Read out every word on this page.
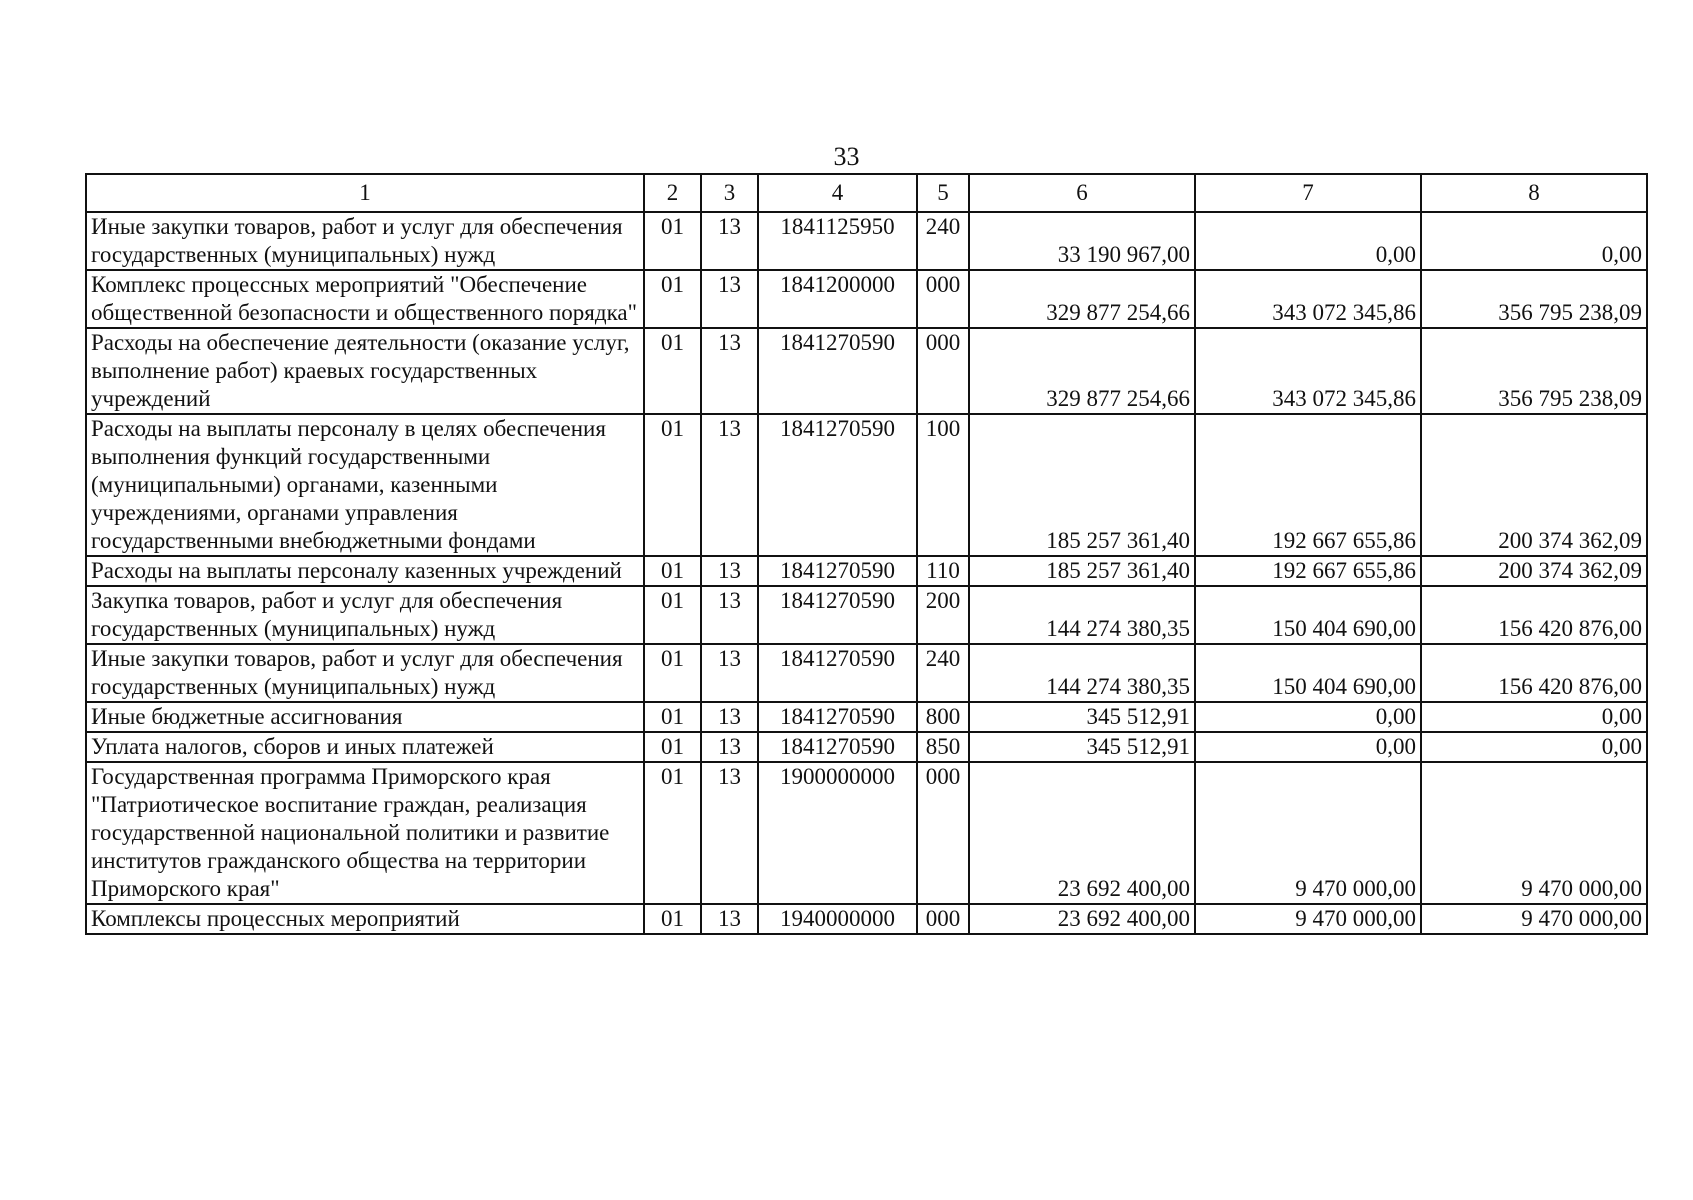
33
1	2	3	4	5	6	7	8
Иные закупки товаров, работ и услуг для обеспечения государственных (муниципальных) нужд	01	13	1841125950	240	33 190 967,00	0,00	0,00
Комплекс процессных мероприятий "Обеспечение общественной безопасности и общественного порядка"	01	13	1841200000	000	329 877 254,66	343 072 345,86	356 795 238,09
Расходы на обеспечение деятельности (оказание услуг, выполнение работ) краевых государственных учреждений	01	13	1841270590	000	329 877 254,66	343 072 345,86	356 795 238,09
Расходы на выплаты персоналу в целях обеспечения выполнения функций государственными (муниципальными) органами, казенными учреждениями, органами управления государственными внебюджетными фондами	01	13	1841270590	100	185 257 361,40	192 667 655,86	200 374 362,09
Расходы на выплаты персоналу казенных учреждений	01	13	1841270590	110	185 257 361,40	192 667 655,86	200 374 362,09
Закупка товаров, работ и услуг для обеспечения государственных (муниципальных) нужд	01	13	1841270590	200	144 274 380,35	150 404 690,00	156 420 876,00
Иные закупки товаров, работ и услуг для обеспечения государственных (муниципальных) нужд	01	13	1841270590	240	144 274 380,35	150 404 690,00	156 420 876,00
Иные бюджетные ассигнования	01	13	1841270590	800	345 512,91	0,00	0,00
Уплата налогов, сборов и иных платежей	01	13	1841270590	850	345 512,91	0,00	0,00
Государственная программа Приморского края "Патриотическое воспитание граждан, реализация государственной национальной политики и развитие институтов гражданского общества на территории Приморского края"	01	13	1900000000	000	23 692 400,00	9 470 000,00	9 470 000,00
Комплексы процессных мероприятий	01	13	1940000000	000	23 692 400,00	9 470 000,00	9 470 000,00
